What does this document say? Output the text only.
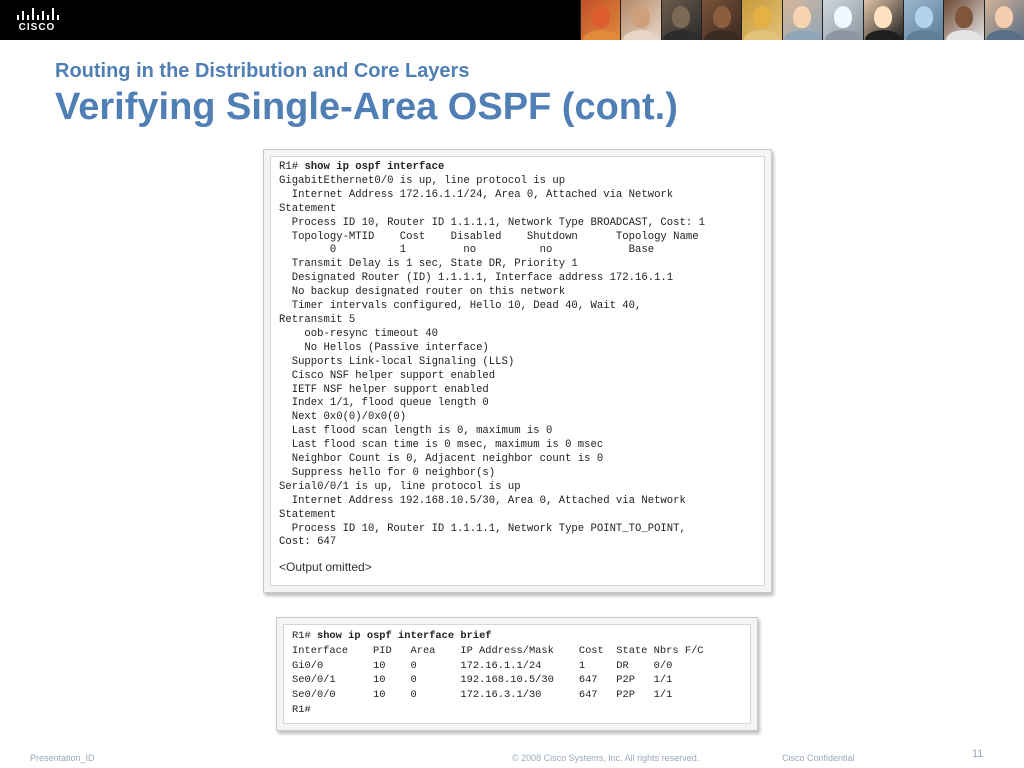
CISCO
Routing in the Distribution and Core Layers
Verifying Single-Area OSPF (cont.)
R1# show ip ospf interface
GigabitEthernet0/0 is up, line protocol is up
Internet Address 172.16.1.1/24, Area 0, Attached via Network
Statement
Process ID 10, Router ID 1.1.1.1, Network Type BROADCAST, Cost: 1
Topology-MTID    Cost    Disabled    Shutdown      Topology Name
0          1         no          no            Base
Transmit Delay is 1 sec, State DR, Priority 1
Designated Router (ID) 1.1.1.1, Interface address 172.16.1.1
No backup designated router on this network
Timer intervals configured, Hello 10, Dead 40, Wait 40,
Retransmit 5
oob-resync timeout 40
No Hellos (Passive interface)
Supports Link-local Signaling (LLS)
Cisco NSF helper support enabled
IETF NSF helper support enabled
Index 1/1, flood queue length 0
Next 0x0(0)/0x0(0)
Last flood scan length is 0, maximum is 0
Last flood scan time is 0 msec, maximum is 0 msec
Neighbor Count is 0, Adjacent neighbor count is 0
Suppress hello for 0 neighbor(s)
Serial0/0/1 is up, line protocol is up
Internet Address 192.168.10.5/30, Area 0, Attached via Network
Statement
Process ID 10, Router ID 1.1.1.1, Network Type POINT_TO_POINT,
Cost: 647
<Output omitted>
R1# show ip ospf interface brief
Interface    PID   Area    IP Address/Mask    Cost  State Nbrs F/C
Gi0/0        10    0       172.16.1.1/24      1     DR    0/0
Se0/0/1      10    0       192.168.10.5/30    647   P2P   1/1
Se0/0/0      10    0       172.16.3.1/30      647   P2P   1/1
R1#
Presentation_ID	© 2008 Cisco Systems, Inc. All rights reserved.	Cisco Confidential	11
